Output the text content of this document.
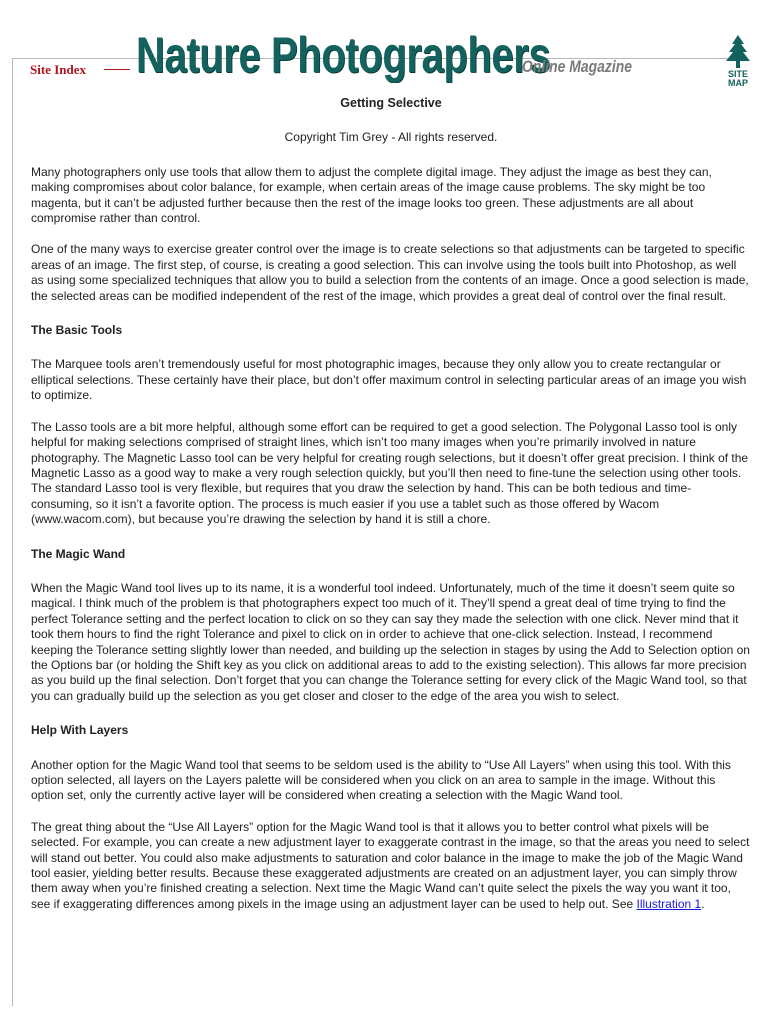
Site Index Nature Photographers
Online Magazine	SITE
MAP

Getting Selective

Copyright Tim Grey - All rights reserved.

Many photographers only use tools that allow them to adjust the complete digital image. They adjust the image as best they can, making compromises about color balance, for example, when certain areas of the image cause problems. The sky might be too magenta, but it can’t be adjusted further because then the rest of the image looks too green. These adjustments are all about compromise rather than control.

One of the many ways to exercise greater control over the image is to create selections so that adjustments can be targeted to specific areas of an image. The first step, of course, is creating a good selection. This can involve using the tools built into Photoshop, as well as using some specialized techniques that allow you to build a selection from the contents of an image. Once a good selection is made, the selected areas can be modified independent of the rest of the image, which provides a great deal of control over the final result.

The Basic Tools

The Marquee tools aren’t tremendously useful for most photographic images, because they only allow you to create rectangular or elliptical selections. These certainly have their place, but don’t offer maximum control in selecting particular areas of an image you wish to optimize.

The Lasso tools are a bit more helpful, although some effort can be required to get a good selection. The Polygonal Lasso tool is only helpful for making selections comprised of straight lines, which isn’t too many images when you’re primarily involved in nature photography. The Magnetic Lasso tool can be very helpful for creating rough selections, but it doesn’t offer great precision. I think of the Magnetic Lasso as a good way to make a very rough selection quickly, but you’ll then need to fine-tune the selection using other tools. The standard Lasso tool is very flexible, but requires that you draw the selection by hand. This can be both tedious and time-consuming, so it isn’t a favorite option. The process is much easier if you use a tablet such as those offered by Wacom (www.wacom.com), but because you’re drawing the selection by hand it is still a chore.

The Magic Wand

When the Magic Wand tool lives up to its name, it is a wonderful tool indeed. Unfortunately, much of the time it doesn’t seem quite so magical. I think much of the problem is that photographers expect too much of it. They’ll spend a great deal of time trying to find the perfect Tolerance setting and the perfect location to click on so they can say they made the selection with one click. Never mind that it took them hours to find the right Tolerance and pixel to click on in order to achieve that one-click selection. Instead, I recommend keeping the Tolerance setting slightly lower than needed, and building up the selection in stages by using the Add to Selection option on the Options bar (or holding the Shift key as you click on additional areas to add to the existing selection). This allows far more precision as you build up the final selection. Don’t forget that you can change the Tolerance setting for every click of the Magic Wand tool, so that you can gradually build up the selection as you get closer and closer to the edge of the area you wish to select.

Help With Layers

Another option for the Magic Wand tool that seems to be seldom used is the ability to “Use All Layers” when using this tool. With this option selected, all layers on the Layers palette will be considered when you click on an area to sample in the image. Without this option set, only the currently active layer will be considered when creating a selection with the Magic Wand tool.

The great thing about the “Use All Layers” option for the Magic Wand tool is that it allows you to better control what pixels will be selected. For example, you can create a new adjustment layer to exaggerate contrast in the image, so that the areas you need to select will stand out better. You could also make adjustments to saturation and color balance in the image to make the job of the Magic Wand tool easier, yielding better results. Because these exaggerated adjustments are created on an adjustment layer, you can simply throw them away when you’re finished creating a selection. Next time the Magic Wand can’t quite select the pixels the way you want it too, see if exaggerating differences among pixels in the image using an adjustment layer can be used to help out. See Illustration 1.
